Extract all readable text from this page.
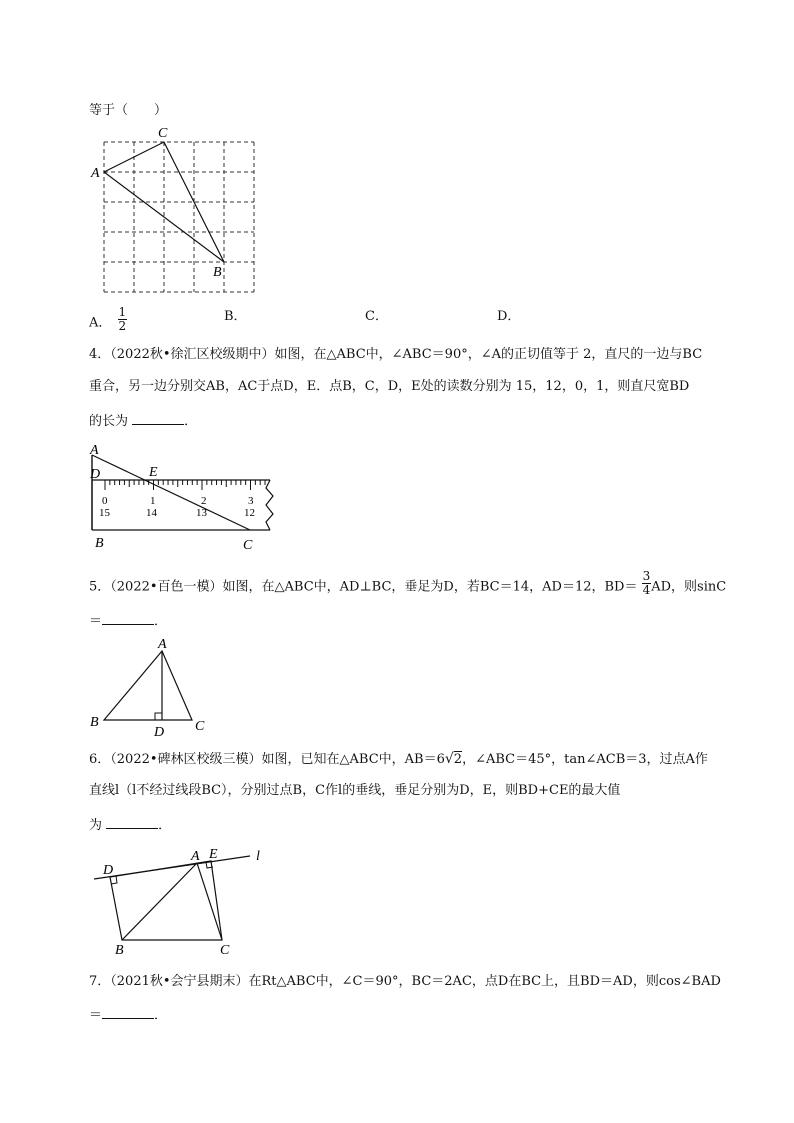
等于（　　）
A
C
B
A． $\frac{1}{2}$	B．	C．	D．
4．（2022秋•徐汇区校级期中）如图，在△ABC中，∠ABC＝90°，∠A的正切值等于 2，直尺的一边与BC
重合，另一边分别交AB，AC于点D，E．点B，C，D，E处的读数分别为 15，12，0，1，则直尺宽BD
的长为	．
A
D	E
B	C
0	1	2	3
15	14	13	12
5．（2022•百色一模）如图，在△ABC中，AD⊥BC，垂足为D，若BC＝14，AD＝12，$BD= \frac{3}{4}$ AD，则sinC
＝	．
A
B	C
D
6．（2022•碑林区校级三模）如图，已知在△ABC中，AB＝6√2，∠ABC＝45°，tan∠ACB＝3，过点A作
直线l（l不经过线段BC），分别过点B，C作l的垂线，垂足分别为D，E，则BD+CE的最大值
为	．
D
A E	l
B	C
7．（2021秋•会宁县期末）在Rt△ABC中，∠C＝90°，BC＝2AC，点D在BC上，且BD＝AD，则cos∠BAD
＝	．
